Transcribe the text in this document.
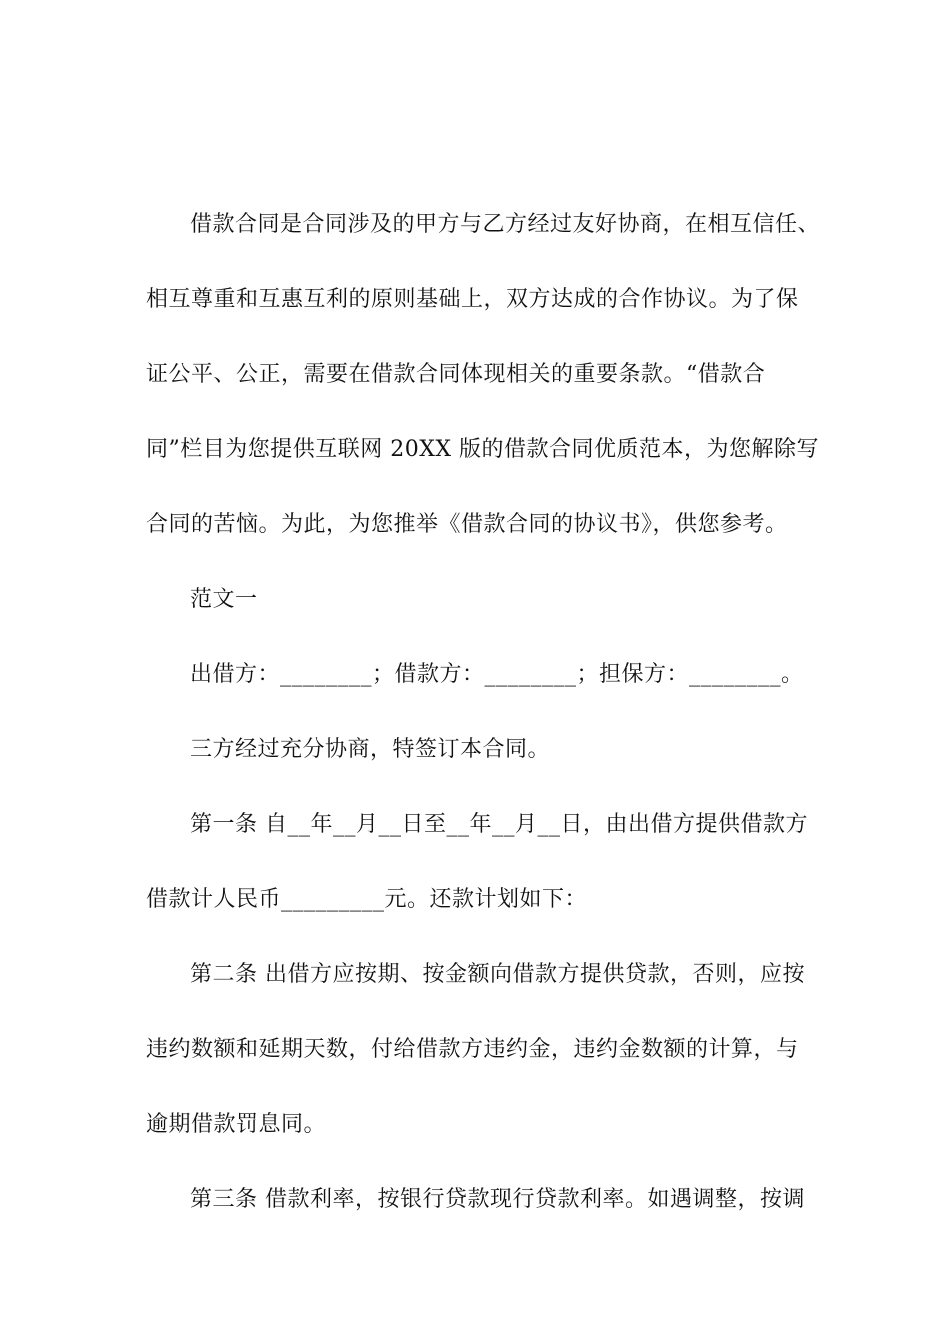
借款合同是合同涉及的甲方与乙方经过友好协商，在相互信任、
相互尊重和互惠互利的原则基础上，双方达成的合作协议。为了保
证公平、公正，需要在借款合同体现相关的重要条款。“借款合
同”栏目为您提供互联网 20XX 版的借款合同优质范本，为您解除写
合同的苦恼。为此，为您推举《借款合同的协议书》，供您参考。
范文一
出借方：________；借款方：________；担保方：________。
三方经过充分协商，特签订本合同。
第一条 自__年__月__日至__年__月__日，由出借方提供借款方
借款计人民币_________元。还款计划如下：
第二条 出借方应按期、按金额向借款方提供贷款，否则，应按
违约数额和延期天数，付给借款方违约金，违约金数额的计算，与
逾期借款罚息同。
第三条 借款利率，按银行贷款现行贷款利率。如遇调整，按调
